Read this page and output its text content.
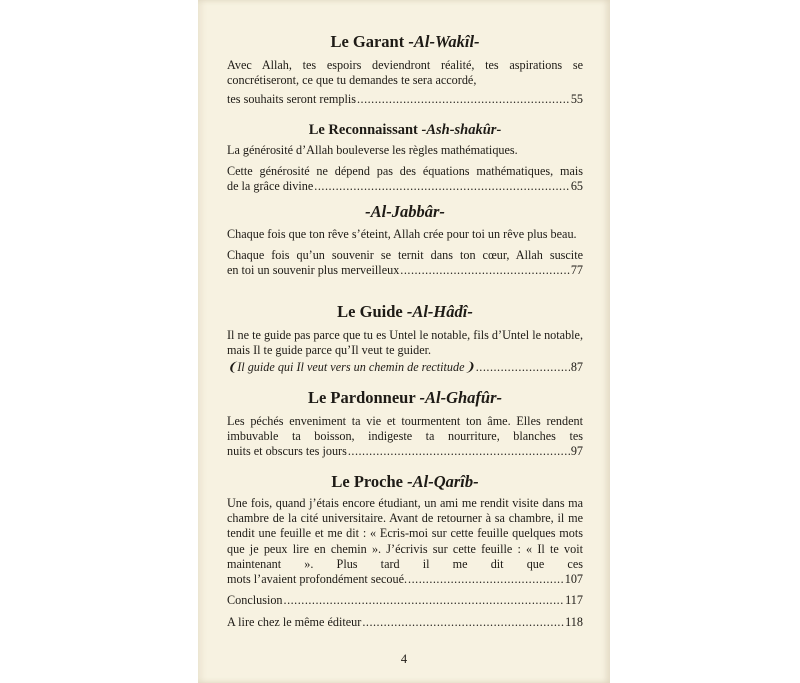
Le Garant -Al-Wakîl-

Avec Allah, tes espoirs deviendront réalité, tes aspirations se concrétiseront, ce que tu demandes te sera accordé,

tes souhaits seront remplis .....	55

Le Reconnaissant -Ash-shakûr-

La générosité d’Allah bouleverse les règles mathématiques.

Cette générosité ne dépend pas des équations mathématiques, mais

de la grâce divine .....	65

-Al-Jabbâr-

Chaque fois que ton rêve s’éteint, Allah crée pour toi un rêve plus beau.

Chaque fois qu’un souvenir se ternit dans ton cœur, Allah suscite

en toi un souvenir plus merveilleux .....	77

Le Guide -Al-Hâdî-

Il ne te guide pas parce que tu es Untel le notable, fils d’Untel le notable, mais Il te guide parce qu’Il veut te guider.

❨Il guide qui Il veut vers un chemin de rectitude❩ .....	87

Le Pardonneur -Al-Ghafûr-

Les péchés enveniment ta vie et tourmentent ton âme. Elles rendent imbuvable ta boisson, indigeste ta nourriture, blanches tes

nuits et obscurs tes jours .....	97

Le Proche -Al-Qarîb-

Une fois, quand j’étais encore étudiant, un ami me rendit visite dans ma chambre de la cité universitaire. Avant de retourner à sa chambre, il me tendit une feuille et me dit : « Ecris-moi sur cette feuille quelques mots que je peux lire en chemin ». J’écrivis sur cette feuille : « Il te voit maintenant ». Plus tard il me dit que ces

mots l’avaient profondément secoué. .....	107
Conclusion .....	117
A lire chez le même éditeur .....	118
4
